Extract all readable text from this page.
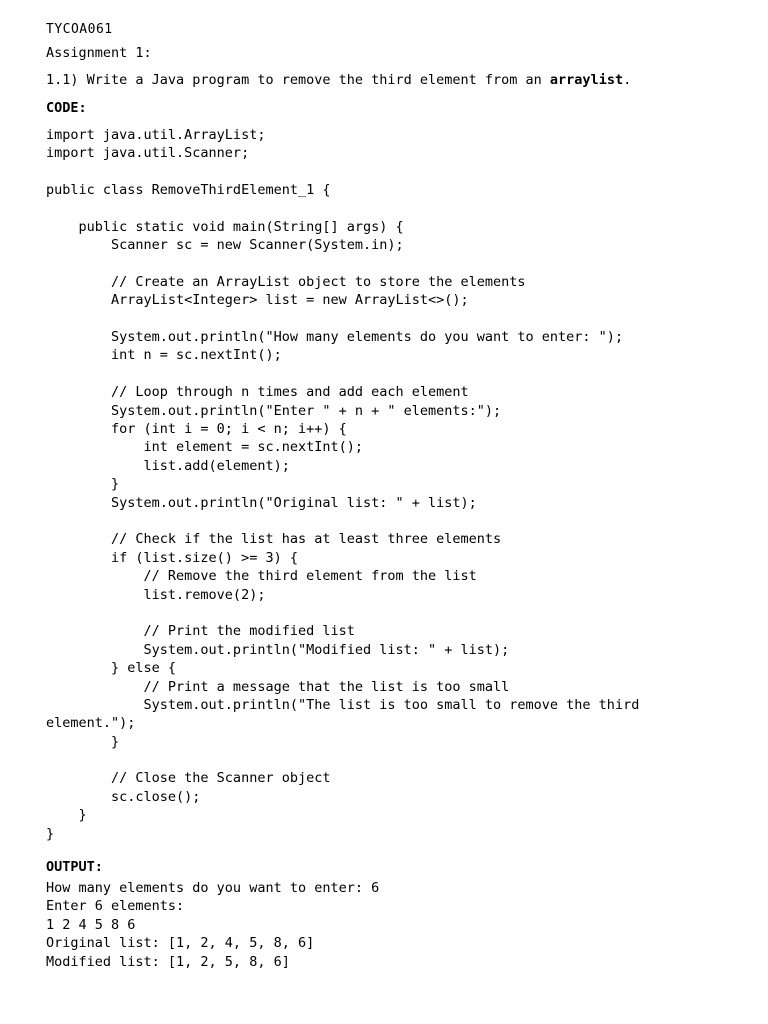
TYCOA061
Assignment 1:
1.1) Write a Java program to remove the third element from an arraylist.
CODE:
import java.util.ArrayList;
import java.util.Scanner;
public class RemoveThirdElement_1 {
public static void main(String[] args) {
Scanner sc = new Scanner(System.in);
// Create an ArrayList object to store the elements
ArrayList<Integer> list = new ArrayList<>();
System.out.println("How many elements do you want to enter: ");
int n = sc.nextInt();
// Loop through n times and add each element
System.out.println("Enter " + n + " elements:");
for (int i = 0; i < n; i++) {
int element = sc.nextInt();
list.add(element);
}
System.out.println("Original list: " + list);
// Check if the list has at least three elements
if (list.size() >= 3) {
// Remove the third element from the list
list.remove(2);
// Print the modified list
System.out.println("Modified list: " + list);
} else {
// Print a message that the list is too small
System.out.println("The list is too small to remove the third
element.");
}
// Close the Scanner object
sc.close();
}
}
OUTPUT:
How many elements do you want to enter: 6
Enter 6 elements:
1 2 4 5 8 6
Original list: [1, 2, 4, 5, 8, 6]
Modified list: [1, 2, 5, 8, 6]
